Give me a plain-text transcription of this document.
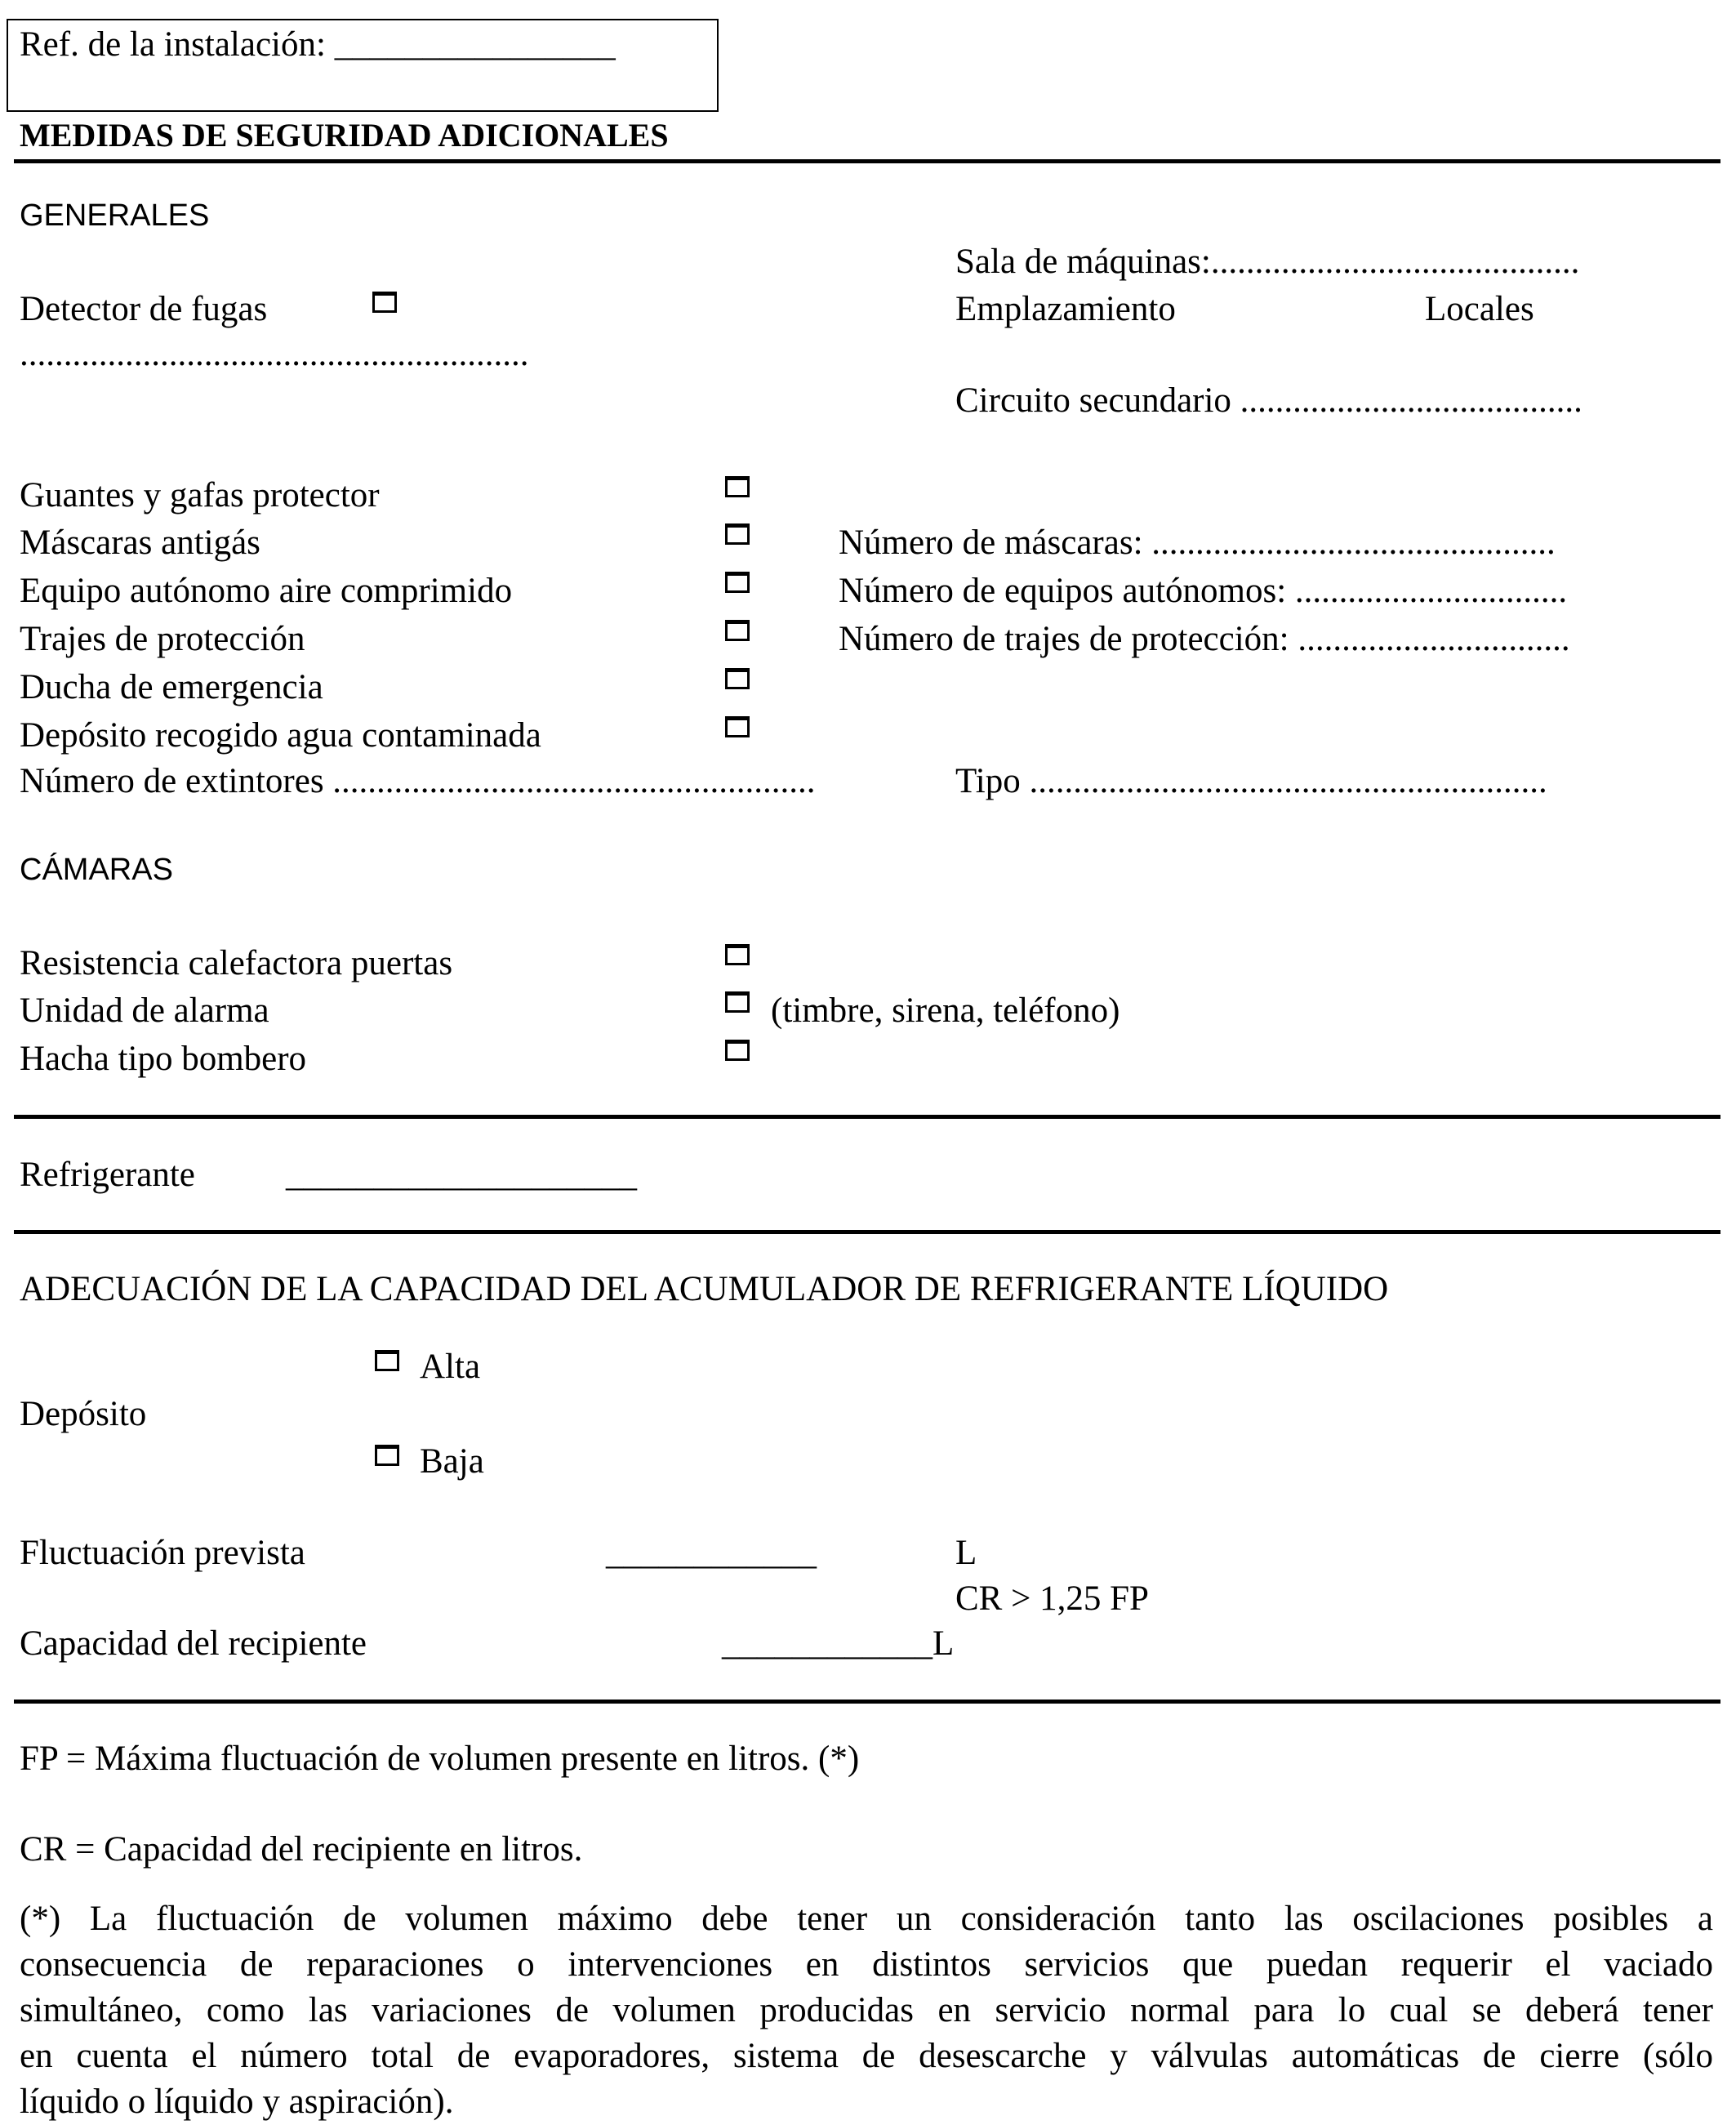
Ref. de la instalación: ________________
MEDIDAS DE SEGURIDAD ADICIONALES
GENERALES
Sala de máquinas:..........................................
Detector de fugas	Emplazamiento	Locales
..........................................................
Circuito secundario .......................................
Guantes y gafas protector
Máscaras antigás	Número de máscaras: ..............................................
Equipo autónomo aire comprimido	Número de equipos autónomos: ...............................
Trajes de protección	Número de trajes de protección: ...............................
Ducha de emergencia
Depósito recogido agua contaminada
Número de extintores .......................................................	Tipo ...........................................................
CÁMARAS
Resistencia calefactora puertas
Unidad de alarma	(timbre, sirena, teléfono)
Hacha tipo bombero
Refrigerante	____________________
ADECUACIÓN DE LA CAPACIDAD DEL ACUMULADOR DE REFRIGERANTE LÍQUIDO
Alta
Depósito
Baja
Fluctuación prevista	____________	L
CR > 1,25 FP
Capacidad del recipiente	____________L
FP = Máxima fluctuación de volumen presente en litros. (*)
CR = Capacidad del recipiente en litros.
(*) La fluctuación de volumen máximo debe tener un consideración tanto las oscilaciones posibles a
consecuencia de reparaciones o intervenciones en distintos servicios que puedan requerir el vaciado
simultáneo, como las variaciones de volumen producidas en servicio normal para lo cual se deberá tener
en cuenta el número total de evaporadores, sistema de desescarche y válvulas automáticas de cierre (sólo
líquido o líquido y aspiración).
